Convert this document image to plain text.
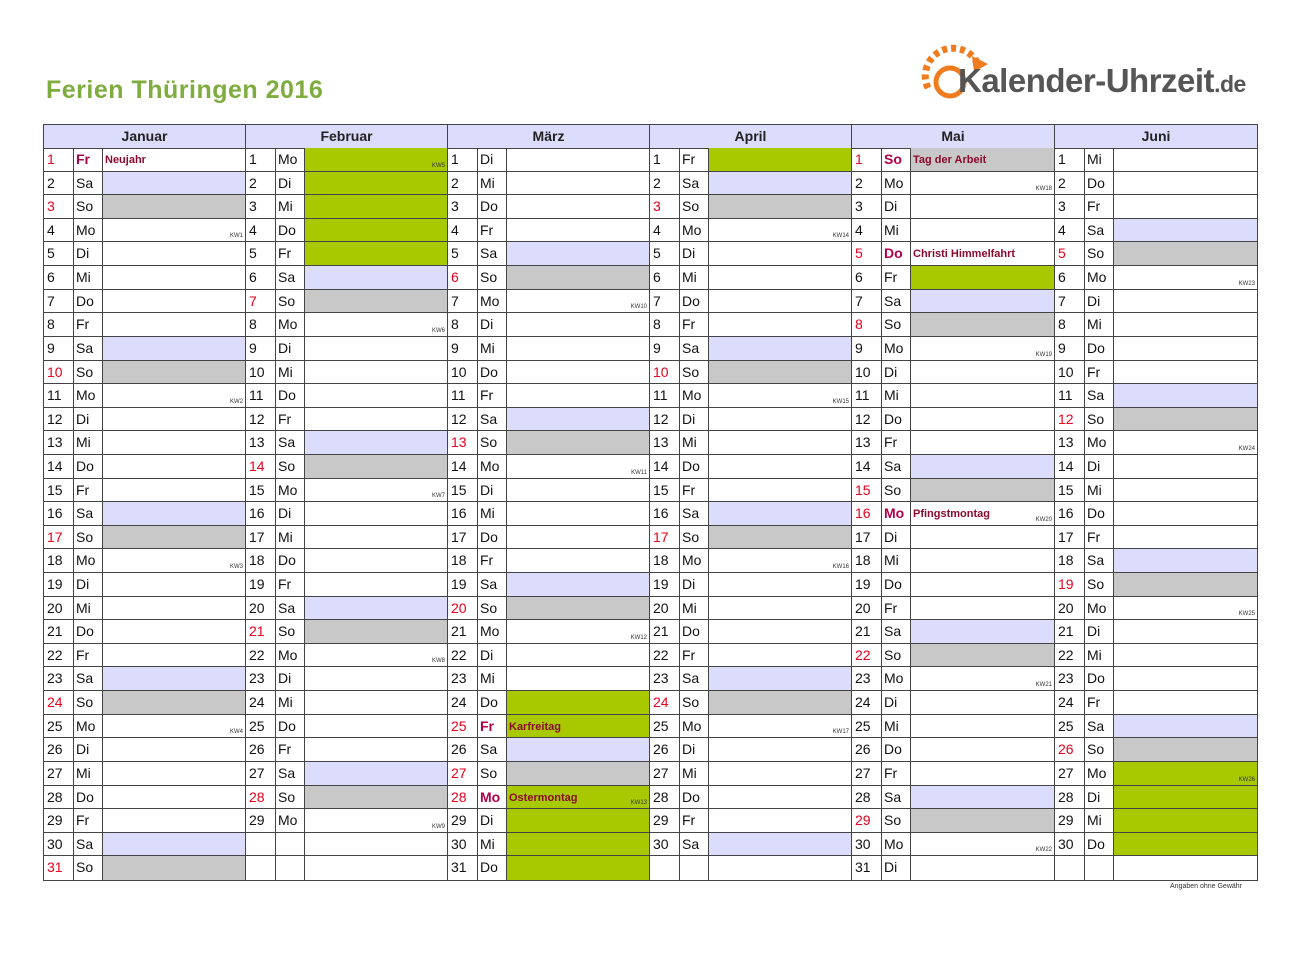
Ferien Thüringen 2016	Kalender-Uhrzeit.de
Januar
1	Fr	Neujahr
2	Sa
3	So
4	Mo	KW1
5	Di
6	Mi
7	Do
8	Fr
9	Sa
10 So
11	Mo	KW2
12 Di
13 Mi
14 Do
15 Fr
16 Sa
17 So
18 Mo	KW3
19 Di
20 Mi
21 Do
22 Fr
23 Sa
24 So
25 Mo	KW4
26 Di
27 Mi
28 Do
29 Fr
30 Sa
31 So
Februar
1	Mo	KW5
2	Di
3	Mi
4	Do
5	Fr
6	Sa
7	So
8	Mo	KW6
9	Di
10 Mi
11	Do
12 Fr
13 Sa
14 So
15 Mo	KW7
16 Di
17 Mi
18 Do
19 Fr
20 Sa
21 So
22 Mo	KW8
23 Di
24 Mi
25 Do
26 Fr
27 Sa
28 So
29 Mo	KW9
März
1	Di
2	Mi
3	Do
4	Fr
5	Sa
6	So
7	Mo	KW10
8	Di
9	Mi
10 Do
11	Fr
12 Sa
13 So
14 Mo	KW11
15 Di
16 Mi
17 Do
18 Fr
19 Sa
20 So
21 Mo	KW12
22 Di
23 Mi
24 Do
25 Fr	Karfreitag
26 Sa
27 So
28 Mo Ostermontag	KW13
29 Di
30 Mi
31 Do
April
1	Fr
2	Sa
3	So
4	Mo	KW14
5	Di
6	Mi
7	Do
8	Fr
9	Sa
10 So
11	Mo	KW15
12 Di
13 Mi
14 Do
15 Fr
16 Sa
17 So
18 Mo	KW16
19 Di
20 Mi
21 Do
22 Fr
23 Sa
24 So
25 Mo	KW17
26 Di
27 Mi
28 Do
29 Fr
30 Sa
Mai
1	So	Tag der Arbeit
2	Mo	KW18
3	Di
4	Mi
5	Do Christi Himmelfahrt
6	Fr
7	Sa
8	So
9	Mo	KW19
10 Di
11	Mi
12 Do
13 Fr
14 Sa
15 So
16 Mo Pfingstmontag	KW20
17 Di
18 Mi
19 Do
20 Fr
21 Sa
22 So
23 Mo	KW21
24 Di
25 Mi
26 Do
27 Fr
28 Sa
29 So
30 Mo	KW22
31 Di
Juni
1	Mi
2	Do
3	Fr
4	Sa
5	So
6	Mo	KW23
7	Di
8	Mi
9	Do
10 Fr
11	Sa
12 So
13 Mo	KW24
14 Di
15 Mi
16 Do
17 Fr
18 Sa
19 So
20 Mo	KW25
21 Di
22 Mi
23 Do
24 Fr
25 Sa
26 So
27 Mo	KW26
28 Di
29 Mi
30 Do
Angaben ohne Gewähr
